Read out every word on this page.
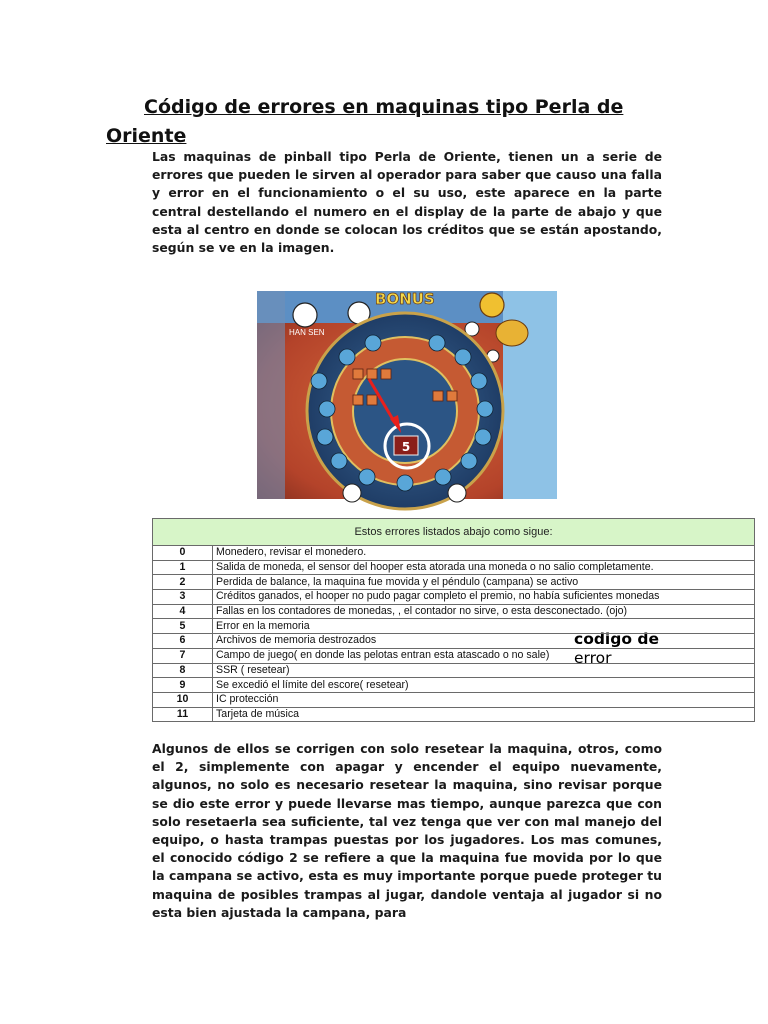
Código de errores en maquinas tipo Perla de
Oriente

Las maquinas de pinball tipo Perla de Oriente, tienen un a serie de errores que pueden le sirven al operador para saber que causo una falla y error en el funcionamiento o el su uso, este aparece en la parte central destellando el numero en el display de la parte de abajo y que esta al centro en donde se colocan los créditos que se están apostando, según se ve en la imagen.

BONUS
HAN SEN
5
codigo de
error
Estos errores listados abajo como sigue:	
0	Monedero, revisar el monedero.
1	Salida de moneda, el sensor del hooper esta atorada una moneda o no salio completamente.
2	Perdida de balance, la maquina fue movida y el péndulo (campana) se activo
3	Créditos ganados, el hooper no pudo pagar completo el premio, no había suficientes monedas
4	Fallas en los contadores de monedas, , el contador no sirve, o esta desconectado. (ojo)
5	Error en la memoria
6	Archivos de memoria destrozados
7	Campo de juego( en donde las pelotas entran esta atascado o no sale)
8	SSR ( resetear)
9	Se excedió el límite del escore( resetear)
10	IC protección
11	Tarjeta de música

Algunos de ellos se corrigen con solo resetear la maquina, otros, como el 2, simplemente con apagar y encender el equipo nuevamente, algunos, no solo es necesario resetear la maquina, sino revisar porque se dio este error y puede llevarse mas tiempo, aunque parezca que con solo resetaerla sea suficiente, tal vez tenga que ver con mal manejo del equipo, o hasta trampas puestas por los jugadores. Los mas comunes, el conocido código 2 se refiere a que la maquina fue movida por lo que la campana se activo, esta es muy importante porque puede proteger tu maquina de posibles trampas al jugar, dandole ventaja al jugador si no esta bien ajustada la campana, para
